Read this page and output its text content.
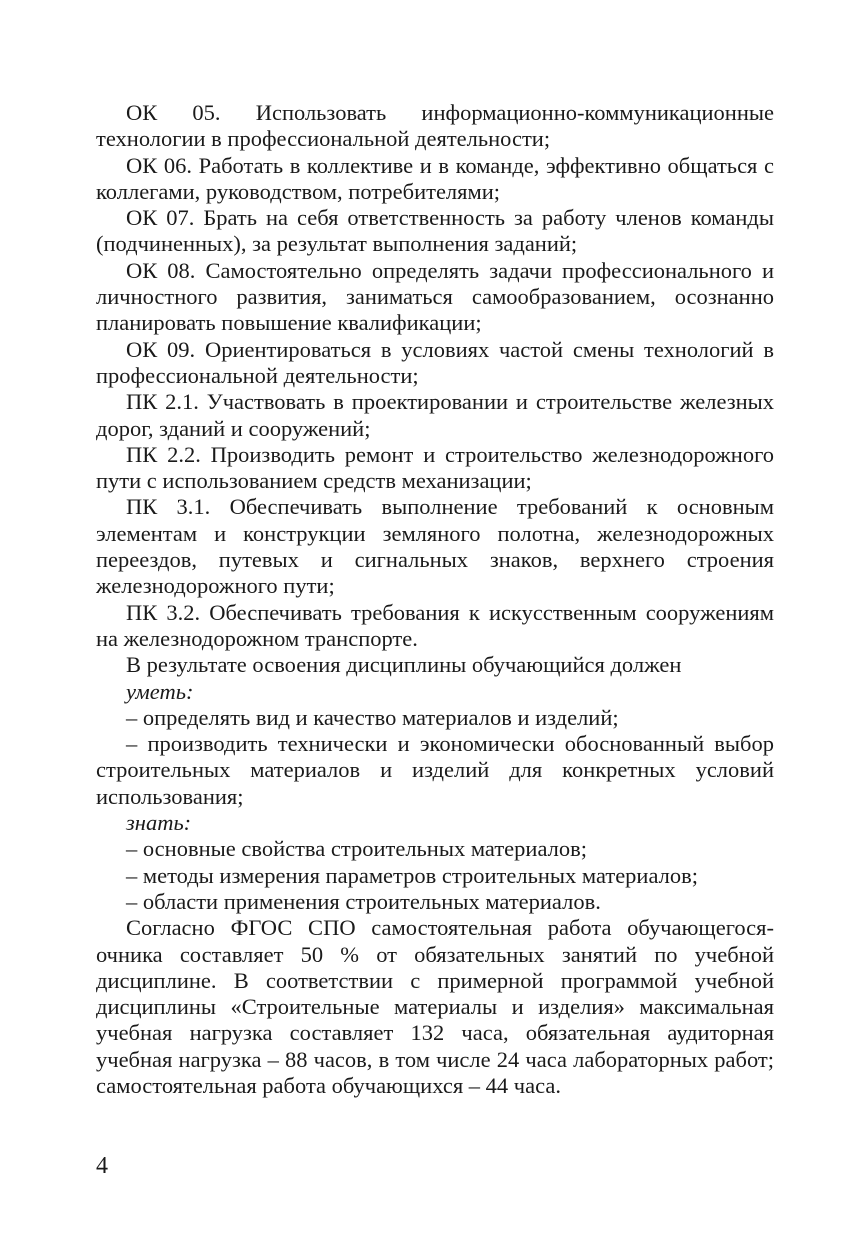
ОК 05. Использовать информационно-коммуникационные технологии в профессиональной деятельности;

ОК 06. Работать в коллективе и в команде, эффективно общаться с коллегами, руководством, потребителями;

ОК 07. Брать на себя ответственность за работу членов команды (подчиненных), за результат выполнения заданий;

ОК 08. Самостоятельно определять задачи профессионального и личностного развития, заниматься самообразованием, осознанно планировать повышение квалификации;

ОК 09. Ориентироваться в условиях частой смены технологий в профессиональной деятельности;

ПК 2.1. Участвовать в проектировании и строительстве железных дорог, зданий и сооружений;

ПК 2.2. Производить ремонт и строительство железнодорожного пути с использованием средств механизации;

ПК 3.1. Обеспечивать выполнение требований к основным элементам и конструкции земляного полотна, железнодорожных переездов, путевых и сигнальных знаков, верхнего строения железнодорожного пути;

ПК 3.2. Обеспечивать требования к искусственным сооружениям на железнодорожном транспорте.

В результате освоения дисциплины обучающийся должен

уметь:

– определять вид и качество материалов и изделий;

– производить технически и экономически обоснованный выбор строительных материалов и изделий для конкретных условий использования;

знать:

– основные свойства строительных материалов;

– методы измерения параметров строительных материалов;

– области применения строительных материалов.

Согласно ФГОС СПО самостоятельная работа обучающегося-очника составляет 50 % от обязательных занятий по учебной дисциплине. В соответствии с примерной программой учебной дисциплины «Строительные материалы и изделия» максимальная учебная нагрузка составляет 132 часа, обязательная аудиторная учебная нагрузка – 88 часов, в том числе 24 часа лабораторных работ; самостоятельная работа обучающихся – 44 часа.

4
